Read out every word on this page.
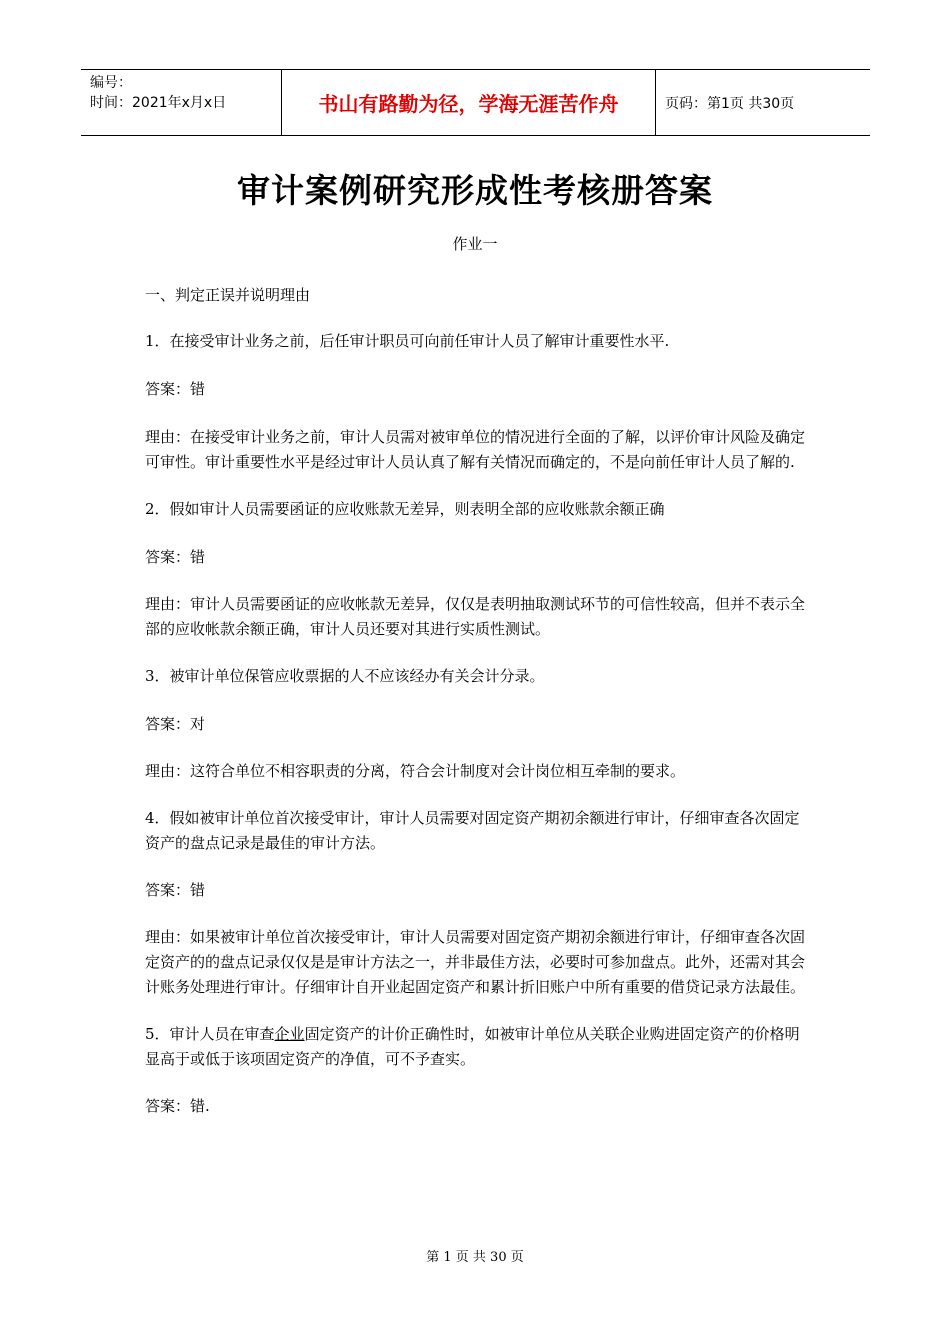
编号：
时间：2021年x月x日	书山有路勤为径，学海无涯苦作舟	页码：第1页 共30页
审计案例研究形成性考核册答案
作业一

一、判定正误并说明理由

1．在接受审计业务之前，后任审计职员可向前任审计人员了解审计重要性水平.

答案：错

理由：在接受审计业务之前，审计人员需对被审单位的情况进行全面的了解，以评价审计风险及确定可审性。审计重要性水平是经过审计人员认真了解有关情况而确定的，不是向前任审计人员了解的.

2．假如审计人员需要函证的应收账款无差异，则表明全部的应收账款余额正确

答案：错

理由：审计人员需要函证的应收帐款无差异，仅仅是表明抽取测试环节的可信性较高，但并不表示全部的应收帐款余额正确，审计人员还要对其进行实质性测试。

3．被审计单位保管应收票据的人不应该经办有关会计分录。

答案：对

理由：这符合单位不相容职责的分离，符合会计制度对会计岗位相互牵制的要求。

4．假如被审计单位首次接受审计，审计人员需要对固定资产期初余额进行审计，仔细审查各次固定资产的盘点记录是最佳的审计方法。

答案：错

理由：如果被审计单位首次接受审计，审计人员需要对固定资产期初余额进行审计，仔细审查各次固定资产的的盘点记录仅仅是是审计方法之一，并非最佳方法，必要时可参加盘点。此外，还需对其会计账务处理进行审计。仔细审计自开业起固定资产和累计折旧账户中所有重要的借贷记录方法最佳。

5．审计人员在审查企业固定资产的计价正确性时，如被审计单位从关联企业购进固定资产的价格明显高于或低于该项固定资产的净值，可不予查实。

答案：错.

第 1 页 共 30 页
